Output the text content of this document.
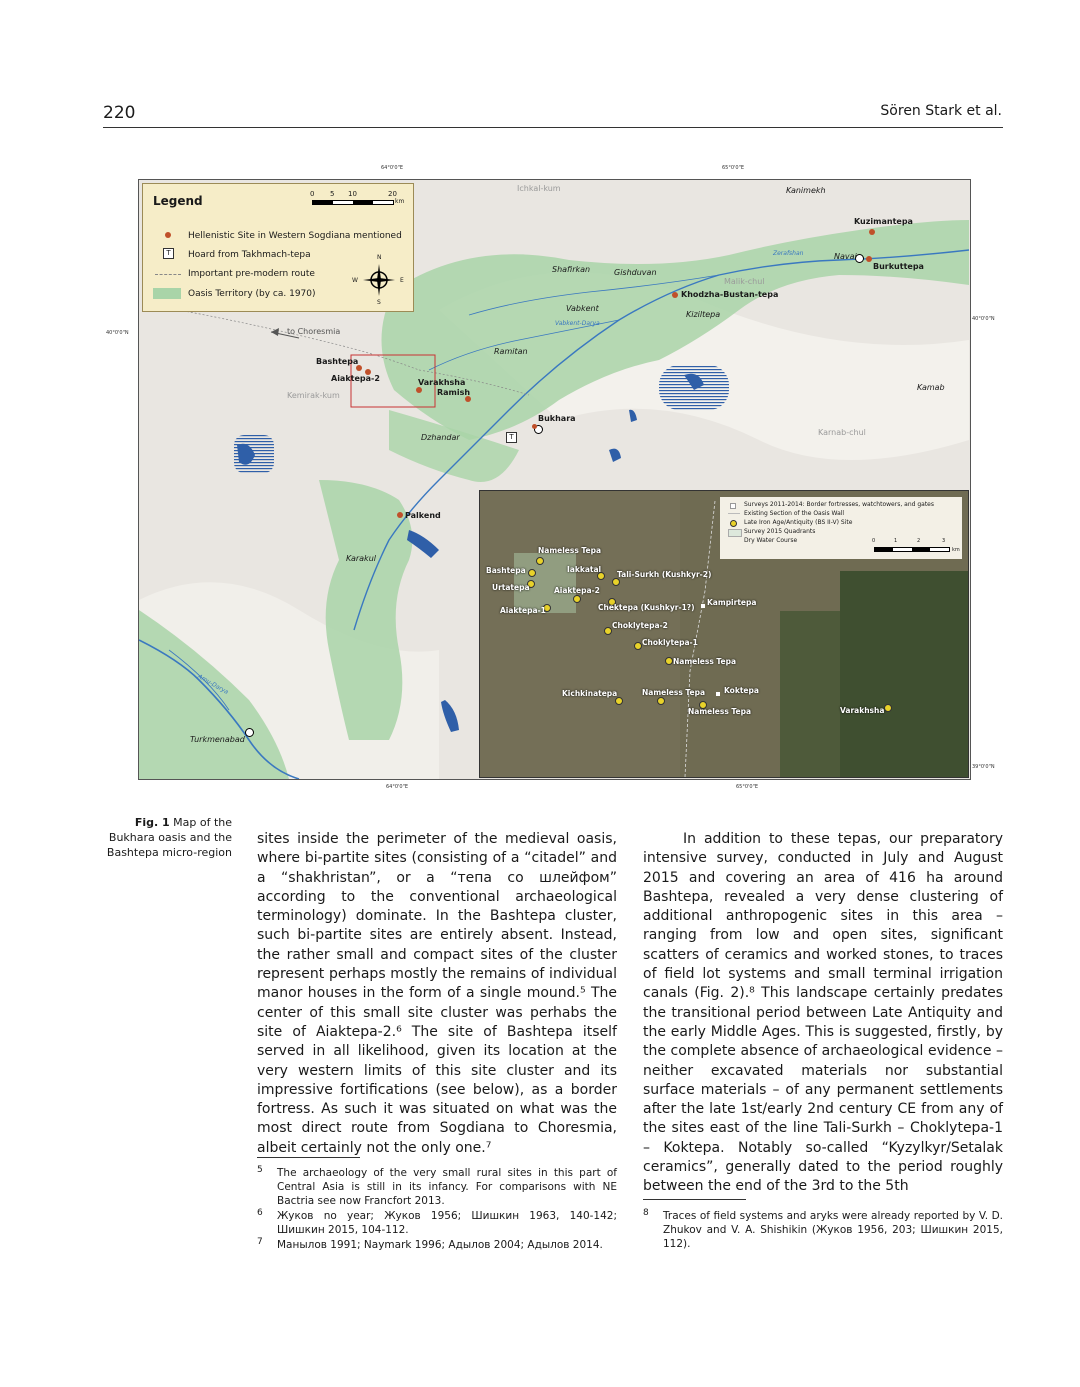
220	Sören Stark et al.
64°0'0"E	65°0'0"E
64°0'0"E	65°0'0"E
40°0'0"N
40°0'0"N
39°0'0"N
Legend	0 5 10	20
km
Hellenistic Site in Western Sogdiana mentioned
T	Hoard from Takhmach-tepa
Important pre-modern route
Oasis Territory (by ca. 1970)
N
S
E
W
T
Ichkal-kum	Kanimekh
Kuzimantepa
Zerafshan	Navai
Burkuttepa
Shafirkan	Gishduvan
Malik-chul
Vabkent
Khodzha-Bustan-tepa
Vabkent-Darya
Kiziltepa
to Choresmia
Bashtepa
Aiaktepa-2	Varakhsha
Ramish
Kemirak-kum
Ramitan
Kamab
Bukhara
Dzhandar
Karnab-chul
Palkend
Karakul
Amu-Darya
Turkmenabad
Surveys 2011-2014: Border fortresses, watchtowers, and gates
Existing Section of the Oasis Wall
Late Iron Age/Antiquity (BS II-V) Site
Survey 2015 Quadrants
Dry Water Course	0	1	2	3
km
Nameless Tepa
Bashtepa	Iakkatal
Tali-Surkh (Kushkyr-2)
Urtatepa	Aiaktepa-2
Aiaktepa-1	Chektepa (Kushkyr-1?)
Kampirtepa
Choklytepa-2
Choklytepa-1
Nameless Tepa
Kichkinatepa	Nameless Tepa	Koktepa
Nameless Tepa	Varakhsha
Fig. 1 Map of the Bukhara oasis and the Bashtepa micro-region

sites inside the perimeter of the medieval oasis, where bi-partite sites (consisting of a “citadel” and a “shakhristan”, or a “тепа со шлейфом” according to the conventional archaeological terminology) dominate. In the Bashtepa cluster, such bi-partite sites are entirely absent. Instead, the rather small and compact sites of the cluster represent perhaps mostly the remains of individual manor houses in the form of a single mound.⁵ The center of this small site cluster was perhabs the site of Aiaktepa-2.⁶ The site of Bashtepa itself served in all likelihood, given its location at the very western limits of this site cluster and its impressive fortifications (see below), as a border fortress. As such it was situated on what was the most direct route from Sogdiana to Choresmia, albeit certainly not the only one.⁷

In addition to these tepas, our preparatory intensive survey, conducted in July and August 2015 and covering an area of 416 ha around Bashtepa, revealed a very dense clustering of additional anthropogenic sites in this area – ranging from low and open sites, significant scatters of ceramics and worked stones, to traces of field lot systems and small terminal irrigation canals (Fig. 2).⁸ This landscape certainly predates the transitional period between Late Antiquity and the early Middle Ages. This is suggested, firstly, by the complete absence of archaeological evidence – neither excavated materials nor substantial surface materials – of any permanent settlements after the late 1st/early 2nd century CE from any of the sites east of the line Tali-Surkh – Choklytepa-1 – Koktepa. Notably so-called “Kyzylkyr/Setalak ceramics”, generally dated to the period roughly between the end of the 3rd to the 5th

5 The archaeology of the very small rural sites in this part of Central Asia is still in its infancy. For comparisons with NE Bactria see now Francfort 2013.
6 Жуков no year; Жуков 1956; Шишкин 1963, 140-142; Шишкин 2015, 104-112.
7 Манылов 1991; Naymark 1996; Адылов 2004; Адылов 2014.
8 Traces of field systems and aryks were already reported by V. D. Zhukov and V. A. Shishikin (Жуков 1956, 203; Шишкин 2015, 112).
